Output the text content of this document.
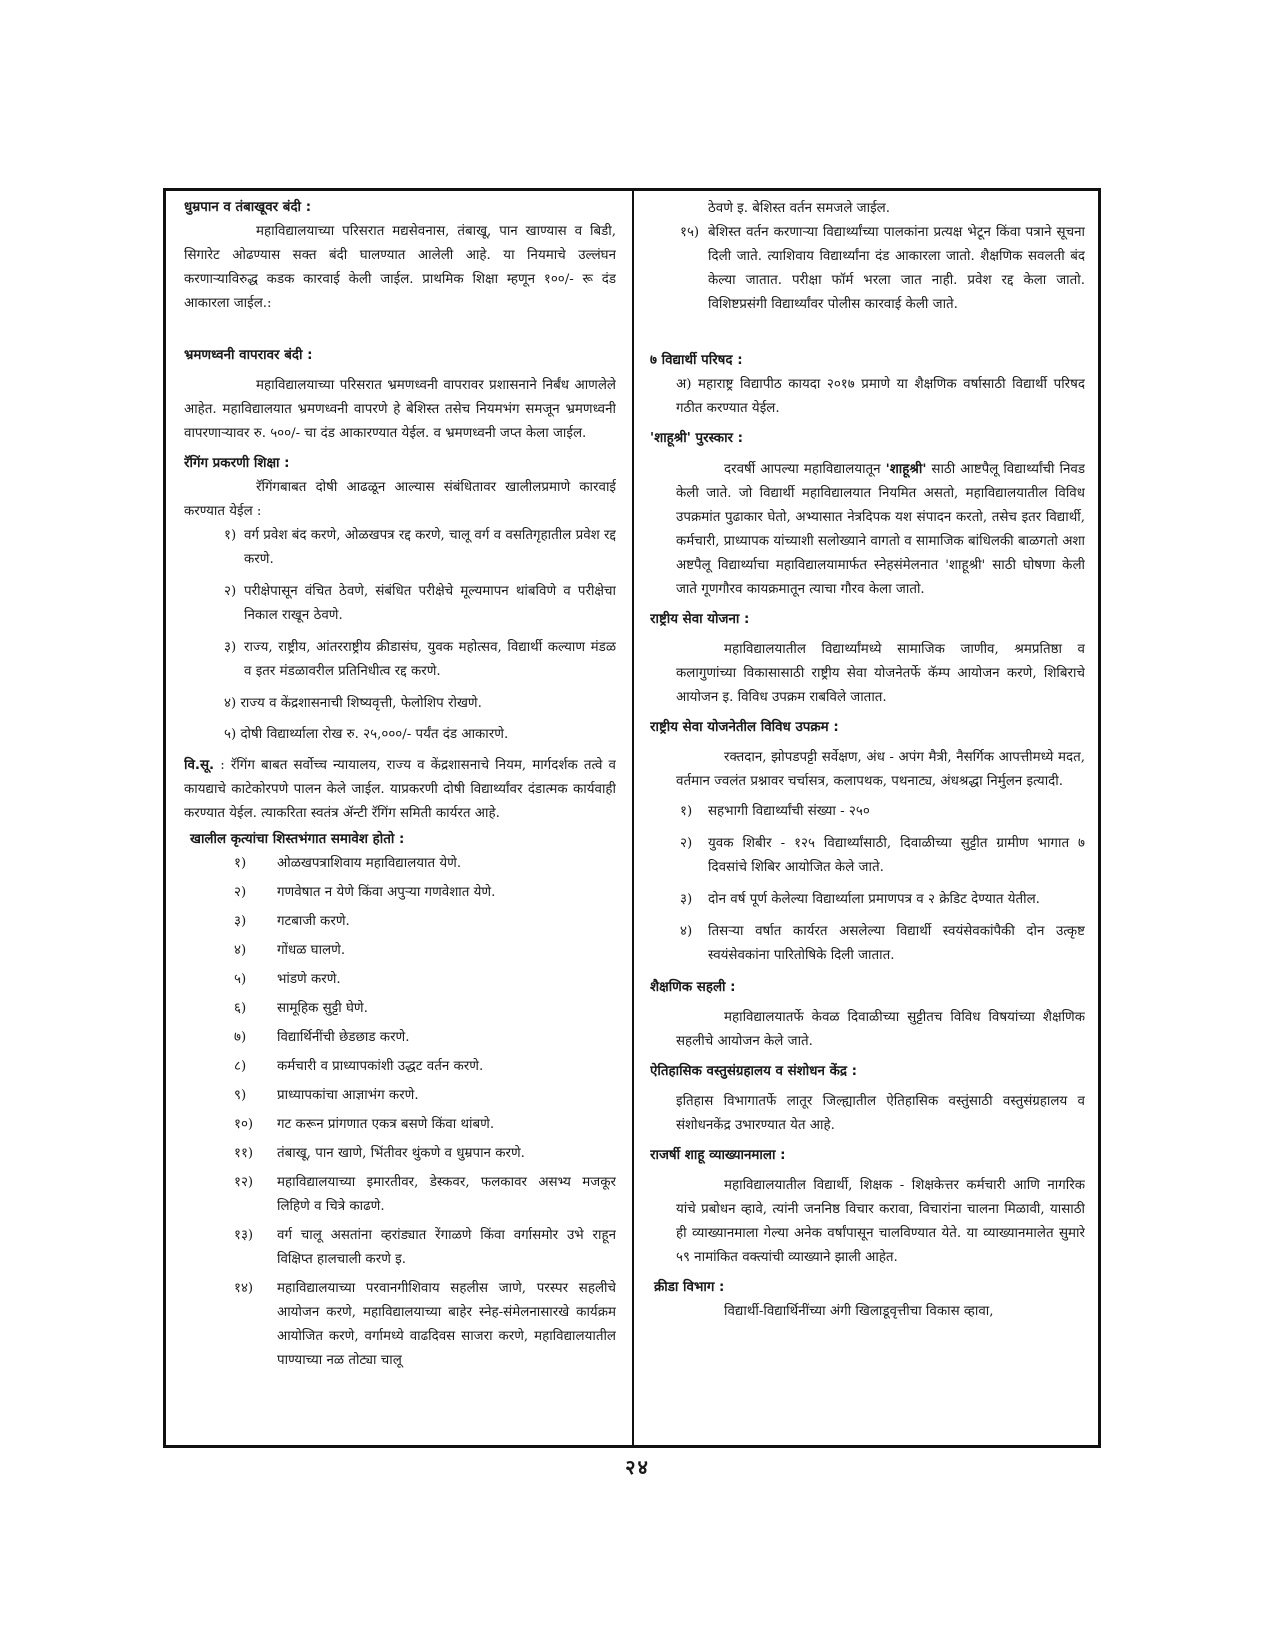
धुम्रपान व तंबाखूवर बंदी :

महाविद्यालयाच्या परिसरात मद्यसेवनास, तंबाखू, पान खाण्यास व बिडी, सिगारेट ओढण्यास सक्त बंदी घालण्यात आलेली आहे. या नियमाचे उल्लंघन करणाऱ्याविरुद्ध कडक कारवाई केली जाईल. प्राथमिक शिक्षा म्हणून १००/- रू दंड आकारला जाईल.:

भ्रमणध्वनी वापरावर बंदी :

महाविद्यालयाच्या परिसरात भ्रमणध्वनी वापरावर प्रशासनाने निर्बंध आणलेले आहेत. महाविद्यालयात भ्रमणध्वनी वापरणे हे बेशिस्त तसेच नियमभंग समजून भ्रमणध्वनी वापरणाऱ्यावर रु. ५००/- चा दंड आकारण्यात येईल. व भ्रमणध्वनी जप्त केला जाईल.

रॅगिंग प्रकरणी शिक्षा :

रॅगिंगबाबत दोषी आढळून आल्यास संबंधितावर खालीलप्रमाणे कारवाई करण्यात येईल :

१) वर्ग प्रवेश बंद करणे, ओळखपत्र रद्द करणे, चालू वर्ग व वसतिगृहातील प्रवेश रद्द करणे.
२) परीक्षेपासून वंचित ठेवणे, संबंधित परीक्षेचे मूल्यमापन थांबविणे व परीक्षेचा निकाल राखून ठेवणे.
३) राज्य, राष्ट्रीय, आंतरराष्ट्रीय क्रीडासंघ, युवक महोत्सव, विद्यार्थी कल्याण मंडळ व इतर मंडळावरील प्रतिनिधीत्व रद्द करणे.

४) राज्य व केंद्रशासनाची शिष्यवृत्ती, फेलोशिप रोखणे.

५) दोषी विद्यार्थ्याला रोख रु. २५,०००/- पर्यंत दंड आकारणे.

वि.सू. : रॅगिंग बाबत सर्वोच्च न्यायालय, राज्य व केंद्रशासनाचे नियम, मार्गदर्शक तत्वे व कायद्याचे काटेकोरपणे पालन केले जाईल. याप्रकरणी दोषी विद्यार्थ्यांवर दंडात्मक कार्यवाही करण्यात येईल. त्याकरिता स्वतंत्र ॲन्टी रॅगिंग समिती कार्यरत आहे.

खालील कृत्यांचा शिस्तभंगात समावेश होतो :
१)	ओळखपत्राशिवाय महाविद्यालयात येणे.
२)	गणवेषात न येणे किंवा अपुऱ्या गणवेशात येणे.
३)	गटबाजी करणे.
४)	गोंधळ घालणे.
५)	भांडणे करणे.
६)	सामूहिक सुट्टी घेणे.
७)	विद्यार्थिनींची छेडछाड करणे.
८)	कर्मचारी व प्राध्यापकांशी उद्धट वर्तन करणे.
९)	प्राध्यापकांचा आज्ञाभंग करणे.
१०)	गट करून प्रांगणात एकत्र बसणे किंवा थांबणे.
११)	तंबाखू, पान खाणे, भिंतीवर थुंकणे व धुम्रपान करणे.
१२)	महाविद्यालयाच्या इमारतीवर, डेस्कवर, फलकावर असभ्य मजकूर लिहिणे व चित्रे काढणे.
१३)	वर्ग चालू असतांना व्हरांड्यात रेंगाळणे किंवा वर्गासमोर उभे राहून विक्षिप्त हालचाली करणे इ.
१४)	महाविद्यालयाच्या परवानगीशिवाय सहलीस जाणे, परस्पर सहलीचे आयोजन करणे, महाविद्यालयाच्या बाहेर स्नेह-संमेलनासारखे कार्यक्रम आयोजित करणे, वर्गामध्ये वाढदिवस साजरा करणे, महाविद्यालयातील पाण्याच्या नळ तोट्या चालू

ठेवणे इ. बेशिस्त वर्तन समजले जाईल.

१५) बेशिस्त वर्तन करणाऱ्या विद्यार्थ्यांच्या पालकांना प्रत्यक्ष भेटून किंवा पत्राने सूचना दिली जाते. त्याशिवाय विद्यार्थ्यांना दंड आकारला जातो. शैक्षणिक सवलती बंद केल्या जातात. परीक्षा फॉर्म भरला जात नाही. प्रवेश रद्द केला जातो. विशिष्टप्रसंगी विद्यार्थ्यांवर पोलीस कारवाई केली जाते.
७ विद्यार्थी परिषद :

अ) महाराष्ट्र विद्यापीठ कायदा २०१७ प्रमाणे या शैक्षणिक वर्षासाठी विद्यार्थी परिषद गठीत करण्यात येईल.

'शाहूश्री' पुरस्कार :

दरवर्षी आपल्या महाविद्यालयातून 'शाहूश्री' साठी आष्टपैलू विद्यार्थ्यांची निवड केली जाते. जो विद्यार्थी महाविद्यालयात नियमित असतो, महाविद्यालयातील विविध उपक्रमांत पुढाकार घेतो, अभ्यासात नेत्रदिपक यश संपादन करतो, तसेच इतर विद्यार्थी, कर्मचारी, प्राध्यापक यांच्याशी सलोख्याने वागतो व सामाजिक बांधिलकी बाळगतो अशा अष्टपैलू विद्यार्थ्याचा महाविद्यालयामार्फत स्नेहसंमेलनात 'शाहूश्री' साठी घोषणा केली जाते गूणगौरव कायक्रमातून त्याचा गौरव केला जातो.

राष्ट्रीय सेवा योजना :

महाविद्यालयातील विद्यार्थ्यांमध्ये सामाजिक जाणीव, श्रमप्रतिष्ठा व कलागुणांच्या विकासासाठी राष्ट्रीय सेवा योजनेतर्फे कॅम्प आयोजन करणे, शिबिराचे आयोजन इ. विविध उपक्रम राबविले जातात.

राष्ट्रीय सेवा योजनेतील विविध उपक्रम :

रक्तदान, झोपडपट्टी सर्वेक्षण, अंध - अपंग मैत्री, नैसर्गिक आपत्तीमध्ये मदत, वर्तमान ज्वलंत प्रश्नावर चर्चासत्र, कलापथक, पथनाट्य, अंधश्रद्धा निर्मुलन इत्यादी.

१)	सहभागी विद्यार्थ्यांची संख्या - २५०
२)	युवक शिबीर - १२५ विद्यार्थ्यांसाठी, दिवाळीच्या सुट्टीत ग्रामीण भागात ७ दिवसांचे शिबिर आयोजित केले जाते.
३)	दोन वर्ष पूर्ण केलेल्या विद्यार्थ्याला प्रमाणपत्र व २ क्रेडिट देण्यात येतील.
४)	तिसऱ्या वर्षात कार्यरत असलेल्या विद्यार्थी स्वयंसेवकांपैकी दोन उत्कृष्ट स्वयंसेवकांना पारितोषिके दिली जातात.
शैक्षणिक सहली :

महाविद्यालयातर्फे केवळ दिवाळीच्या सुट्टीतच विविध विषयांच्या शैक्षणिक सहलीचे आयोजन केले जाते.

ऐतिहासिक वस्तुसंग्रहालय व संशोधन केंद्र :

इतिहास विभागातर्फे लातूर जिल्ह्यातील ऐतिहासिक वस्तुंसाठी वस्तुसंग्रहालय व संशोधनकेंद्र उभारण्यात येत आहे.

राजर्षी शाहू व्याख्यानमाला :

महाविद्यालयातील विद्यार्थी, शिक्षक - शिक्षकेत्तर कर्मचारी आणि नागरिक यांचे प्रबोधन व्हावे, त्यांनी जननिष्ठ विचार करावा, विचारांना चालना मिळावी, यासाठी ही व्याख्यानमाला गेल्या अनेक वर्षांपासून चालविण्यात येते. या व्याख्यानमालेत सुमारे ५९ नामांकित वक्त्यांची व्याख्याने झाली आहेत.

क्रीडा विभाग :

विद्यार्थी-विद्यार्थिनींच्या अंगी खिलाडूवृत्तीचा विकास व्हावा,

२४
